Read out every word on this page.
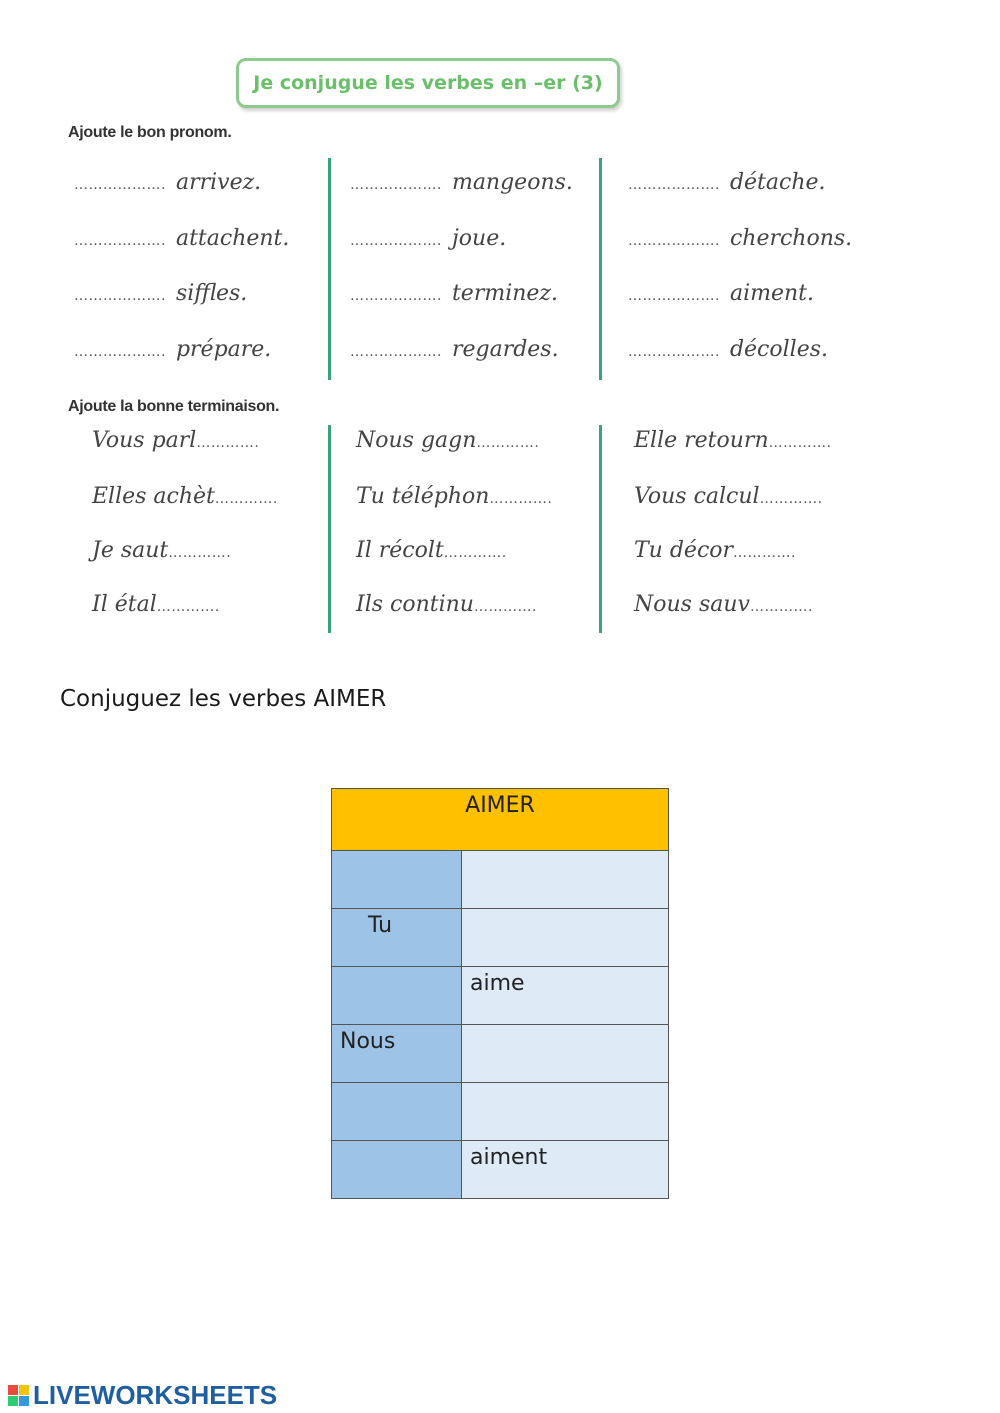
Je conjugue les verbes en –er (3)
Ajoute le bon pronom.
………………. arrivez.
………………. attachent.
………………. siffles.
………………. prépare.
………………. mangeons.
………………. joue.
………………. terminez.
………………. regardes.
………………. détache.
………………. cherchons.
………………. aiment.
………………. décolles.
Ajoute la bonne terminaison.
Vous parl………….
Elles achèt………….
Je saut………….
Il étal………….
Nous gagn………….
Tu téléphon………….
Il récolt………….
Ils continu………….
Elle retourn………….
Vous calcul………….
Tu décor………….
Nous sauv………….
Conjuguez les verbes AIMER
AIMER	

Tu	
	aime
Nous	

	aiment
LIVEWORKSHEETS
